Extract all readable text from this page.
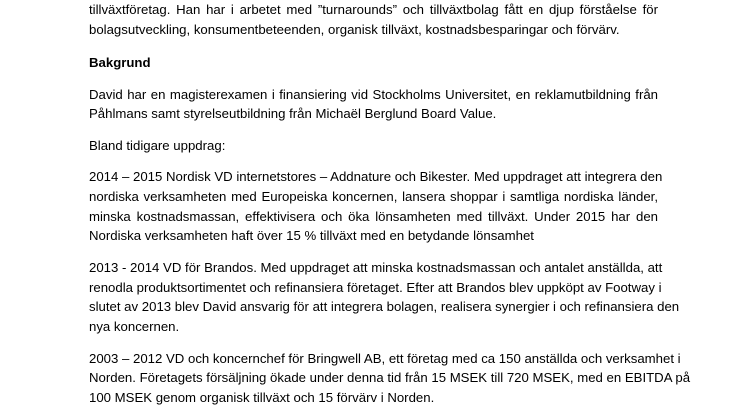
tillväxtföretag. Han har i arbetet med ”turnarounds” och tillväxtbolag fått en djup förståelse för
bolagsutveckling, konsumentbeteenden, organisk tillväxt, kostnadsbesparingar och förvärv.
Bakgrund
David har en magisterexamen i finansiering vid Stockholms Universitet, en reklamutbildning från
Påhlmans samt styrelseutbildning från Michaël Berglund Board Value.
Bland tidigare uppdrag:
2014 – 2015 Nordisk VD internetstores – Addnature och Bikester. Med uppdraget att integrera den
nordiska verksamheten med Europeiska koncernen, lansera shoppar i samtliga nordiska länder,
minska kostnadsmassan, effektivisera och öka lönsamheten med tillväxt. Under 2015 har den
Nordiska verksamheten haft över 15 % tillväxt med en betydande lönsamhet
2013 - 2014 VD för Brandos. Med uppdraget att minska kostnadsmassan och antalet anställda, att
renodla produktsortimentet och refinansiera företaget. Efter att Brandos blev uppköpt av Footway i
slutet av 2013 blev David ansvarig för att integrera bolagen, realisera synergier i och refinansiera den
nya koncernen.
2003 – 2012 VD och koncernchef för Bringwell AB, ett företag med ca 150 anställda och verksamhet i
Norden. Företagets försäljning ökade under denna tid från 15 MSEK till 720 MSEK, med en EBITDA på
100 MSEK genom organisk tillväxt och 15 förvärv i Norden.
